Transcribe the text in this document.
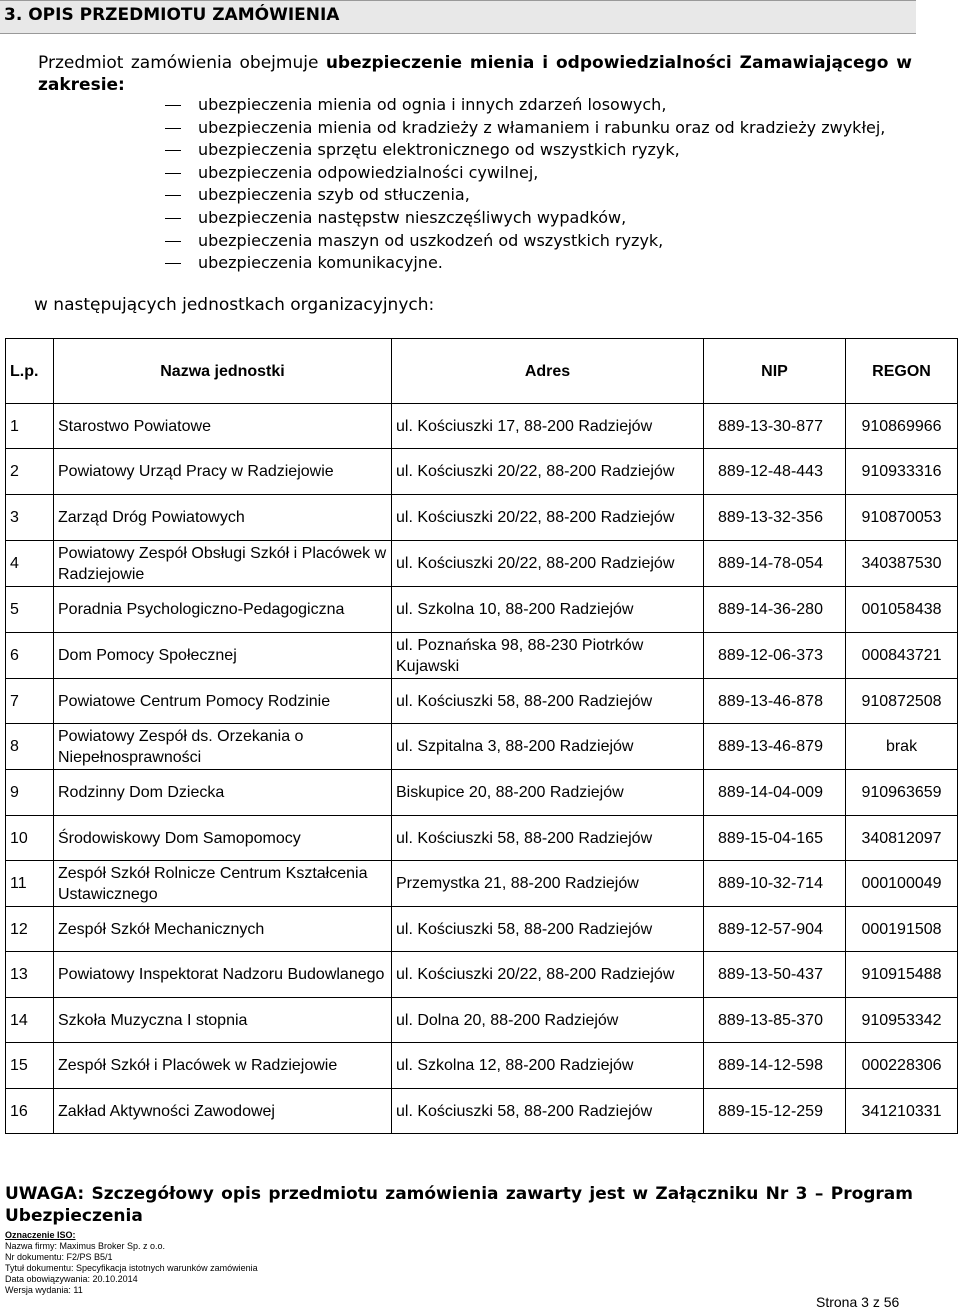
3. OPIS PRZEDMIOTU ZAMÓWIENIA
Przedmiot zamówienia obejmuje ubezpieczenie mienia i odpowiedzialności Zamawiającego w zakresie:
ubezpieczenia mienia od ognia i innych zdarzeń losowych,
ubezpieczenia mienia od kradzieży z włamaniem i rabunku oraz od kradzieży zwykłej,
ubezpieczenia sprzętu elektronicznego od wszystkich ryzyk,
ubezpieczenia odpowiedzialności cywilnej,
ubezpieczenia szyb od stłuczenia,
ubezpieczenia następstw nieszczęśliwych wypadków,
ubezpieczenia maszyn od uszkodzeń od wszystkich ryzyk,
ubezpieczenia komunikacyjne.
w następujących jednostkach organizacyjnych:
L.p.	Nazwa jednostki	Adres	NIP	REGON
1	Starostwo Powiatowe	ul. Kościuszki 17, 88-200 Radziejów	889-13-30-877	910869966
2	Powiatowy Urząd Pracy w Radziejowie	ul. Kościuszki 20/22, 88-200 Radziejów	889-12-48-443	910933316
3	Zarząd Dróg Powiatowych	ul. Kościuszki 20/22, 88-200 Radziejów	889-13-32-356	910870053
4	Powiatowy Zespół Obsługi Szkół i Placówek w Radziejowie	ul. Kościuszki 20/22, 88-200 Radziejów	889-14-78-054	340387530
5	Poradnia Psychologiczno-Pedagogiczna	ul. Szkolna 10, 88-200 Radziejów	889-14-36-280	001058438
6	Dom Pomocy Społecznej	ul. Poznańska 98, 88-230 Piotrków Kujawski	889-12-06-373	000843721
7	Powiatowe Centrum Pomocy Rodzinie	ul. Kościuszki 58, 88-200 Radziejów	889-13-46-878	910872508
8	Powiatowy Zespół ds. Orzekania o Niepełnosprawności	ul. Szpitalna 3, 88-200 Radziejów	889-13-46-879	brak
9	Rodzinny Dom Dziecka	Biskupice 20, 88-200 Radziejów	889-14-04-009	910963659
10	Środowiskowy Dom Samopomocy	ul. Kościuszki 58, 88-200 Radziejów	889-15-04-165	340812097
11	Zespół Szkół Rolnicze Centrum Kształcenia Ustawicznego	Przemystka 21, 88-200 Radziejów	889-10-32-714	000100049
12	Zespół Szkół Mechanicznych	ul. Kościuszki 58, 88-200 Radziejów	889-12-57-904	000191508
13	Powiatowy Inspektorat Nadzoru Budowlanego	ul. Kościuszki 20/22, 88-200 Radziejów	889-13-50-437	910915488
14	Szkoła Muzyczna I stopnia	ul. Dolna 20, 88-200 Radziejów	889-13-85-370	910953342
15	Zespół Szkół i Placówek w Radziejowie	ul. Szkolna 12, 88-200 Radziejów	889-14-12-598	000228306
16	Zakład Aktywności Zawodowej	ul. Kościuszki 58, 88-200 Radziejów	889-15-12-259	341210331
UWAGA: Szczegółowy opis przedmiotu zamówienia zawarty jest w Załączniku Nr 3 – Program Ubezpieczenia
Oznaczenie ISO:
Nazwa firmy: Maximus Broker Sp. z o.o.
Nr dokumentu: F2/PS B5/1
Tytuł dokumentu: Specyfikacja istotnych warunków zamówienia
Data obowiązywania: 20.10.2014
Wersja wydania: 11
Strona 3 z 56
